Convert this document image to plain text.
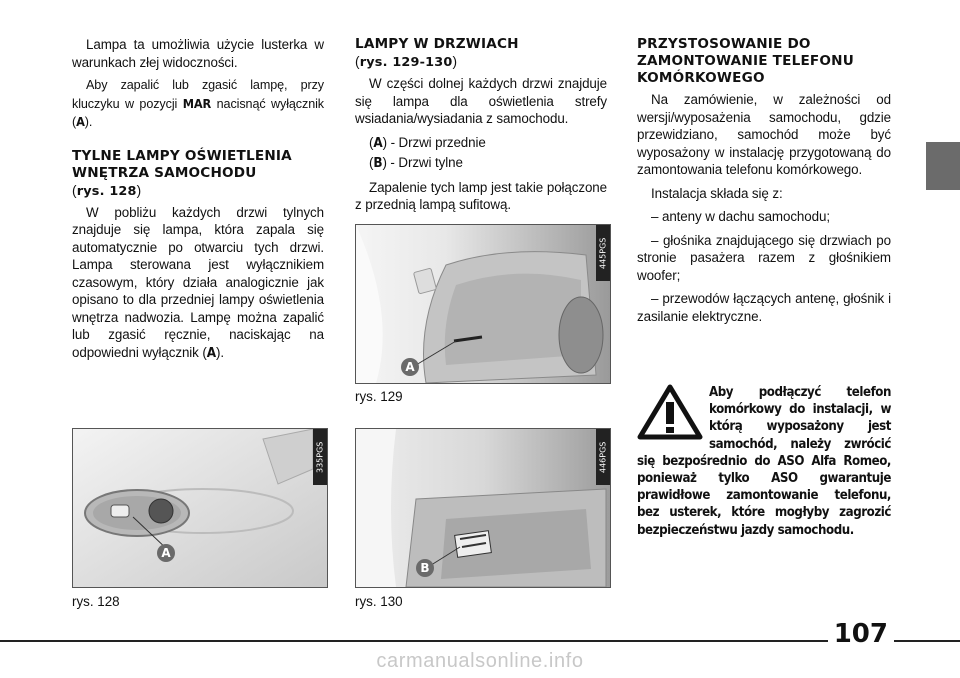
Lampa ta umożliwia użycie lusterka w warunkach złej widoczności.

Aby zapalić lub zgasić lampę, przy kluczyku w pozycji MAR nacisnąć wyłącznik (A).

TYLNE LAMPY OŚWIETLENIA
WNĘTRZA SAMOCHODU
(rys. 128)

W pobliżu każdych drzwi tylnych znajduje się lampa, która zapala się automatycznie po otwarciu tych drzwi. Lampa sterowana jest wyłącznikiem czasowym, który działa analogicznie jak opisano to dla przedniej lampy oświetlenia wnętrza nadwozia. Lampę można zapalić lub zgasić ręcznie, naciskając na odpowiedni wyłącznik (A).

LAMPY W DRZWIACH
(rys. 129-130)

W części dolnej każdych drzwi znajduje się lampa dla oświetlenia strefy wsiadania/wysiadania z samochodu.

(A) - Drzwi przednie

(B) - Drzwi tylne

Zapalenie tych lamp jest takie połączone z przednią lampą sufitową.

PRZYSTOSOWANIE DO
ZAMONTOWANIE TELEFONU
KOMÓRKOWEGO

Na zamówienie, w zależności od wersji/wyposażenia samochodu, gdzie przewidziano, samochód może być wyposażony w instalację przygotowaną do zamontowania telefonu komórkowego.

Instalacja składa się z:

– anteny w dachu samochodu;

– głośnika znajdującego się drzwiach po stronie pasażera razem z głośnikiem woofer;

– przewodów łączących antenę, głośnik i zasilanie elektryczne.

335PGS
A
rys. 128
445PGS
A
rys. 129
446PGS
B
rys. 130
Aby podłączyć telefon komórkowy do instalacji, w którą wyposażony jest samochód, należy zwrócić się bezpośrednio do ASO Alfa Romeo, ponieważ tylko ASO gwarantuje prawidłowe zamontowanie telefonu, bez usterek, które mogłyby zagrozić bezpieczeństwu jazdy samochodu.
107
carmanualsonline.info
